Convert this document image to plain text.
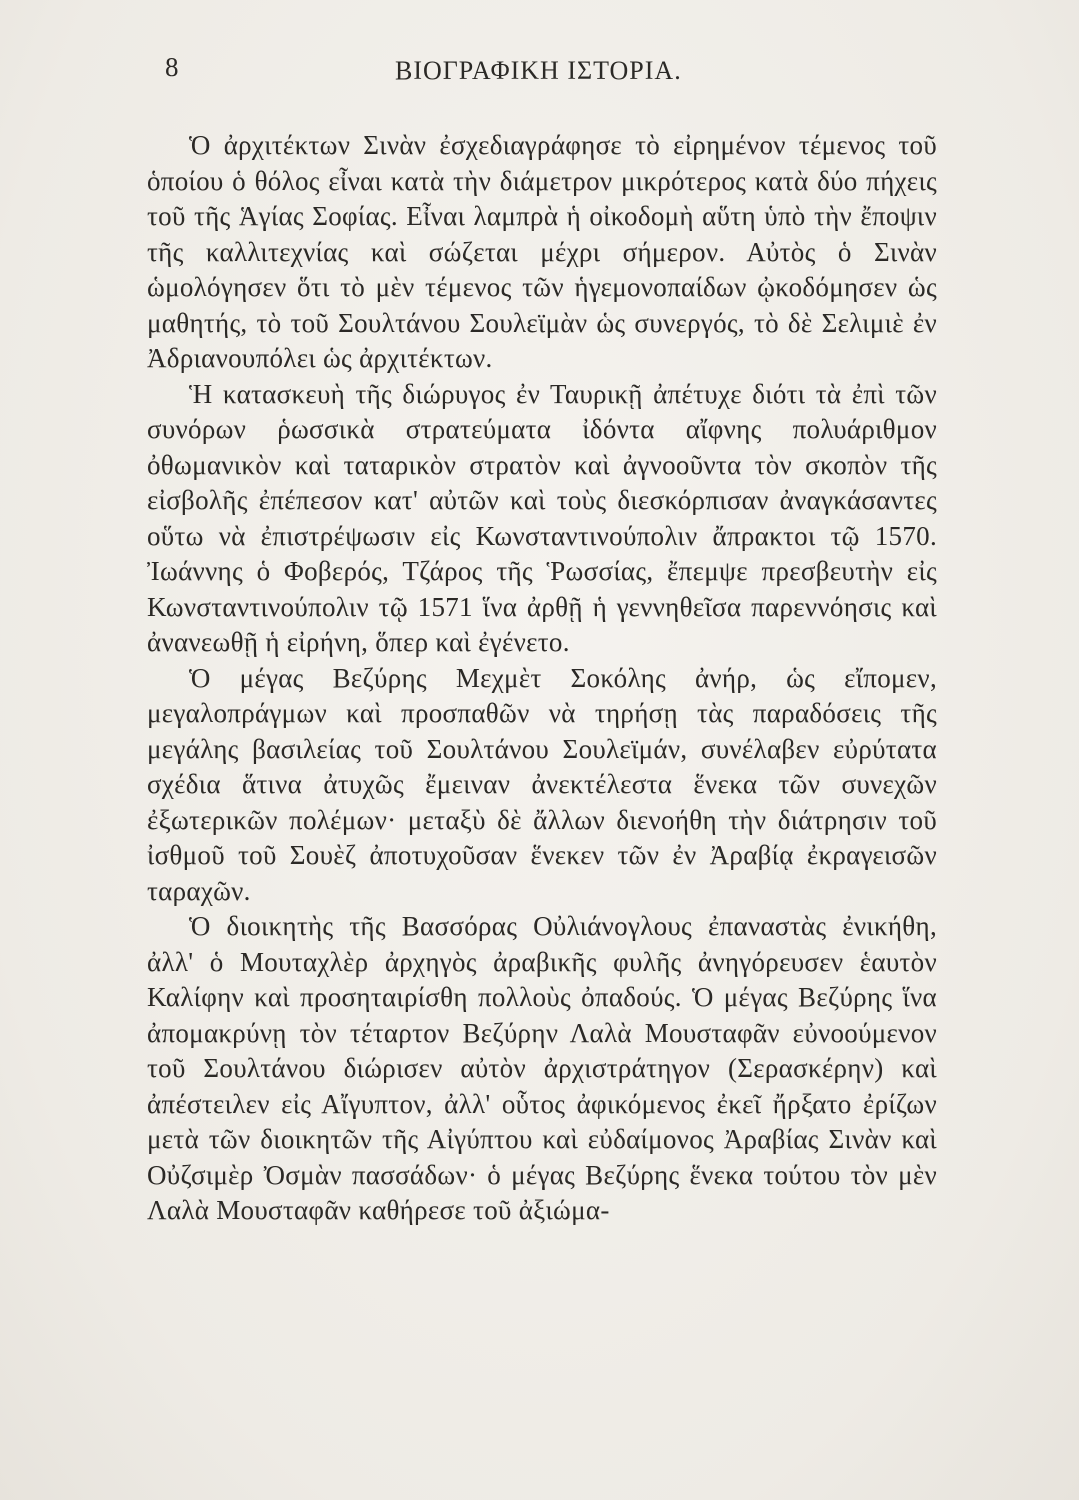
8	ΒΙΟΓΡΑΦΙΚΗ ΙΣΤΟΡΙΑ.

Ὁ ἀρχιτέκτων Σινὰν ἐσχεδιαγράφησε τὸ εἰρημένον τέμενος τοῦ ὁποίου ὁ θόλος εἶναι κατὰ τὴν διάμετρον μικρότερος κατὰ δύο πήχεις τοῦ τῆς Ἁγίας Σοφίας. Εἶναι λαμπρὰ ἡ οἰκοδομὴ αὕτη ὑπὸ τὴν ἔποψιν τῆς καλλιτεχνίας καὶ σώζεται μέχρι σήμερον. Αὐτὸς ὁ Σινὰν ὡμολόγησεν ὅτι τὸ μὲν τέμενος τῶν ἡγεμονοπαίδων ᾠκοδόμησεν ὡς μαθητής, τὸ τοῦ Σουλτάνου Σουλεϊμὰν ὡς συνεργός, τὸ δὲ Σελιμιὲ ἐν Ἀδριανουπόλει ὡς ἀρχιτέκτων.

Ἡ κατασκευὴ τῆς διώρυγος ἐν Ταυρικῇ ἀπέτυχε διότι τὰ ἐπὶ τῶν συνόρων ῥωσσικὰ στρατεύματα ἰδόντα αἴφνης πολυάριθμον ὀθωμανικὸν καὶ ταταρικὸν στρατὸν καὶ ἀγνοοῦντα τὸν σκοπὸν τῆς εἰσβολῆς ἐπέπεσον κατ' αὐτῶν καὶ τοὺς διεσκόρπισαν ἀναγκάσαντες οὕτω νὰ ἐπιστρέψωσιν εἰς Κωνσταντινούπολιν ἄπρακτοι τῷ 1570. Ἰωάννης ὁ Φοβερός, Τζάρος τῆς Ῥωσσίας, ἔπεμψε πρεσβευτὴν εἰς Κωνσταντινούπολιν τῷ 1571 ἵνα ἀρθῇ ἡ γεννηθεῖσα παρεννόησις καὶ ἀνανεωθῇ ἡ εἰρήνη, ὅπερ καὶ ἐγένετο.

Ὁ μέγας Βεζύρης Μεχμὲτ Σοκόλης ἀνήρ, ὡς εἴπομεν, μεγαλοπράγμων καὶ προσπαθῶν νὰ τηρήσῃ τὰς παραδόσεις τῆς μεγάλης βασιλείας τοῦ Σουλτάνου Σουλεϊμάν, συνέλαβεν εὐρύτατα σχέδια ἅτινα ἀτυχῶς ἔμειναν ἀνεκτέλεστα ἕνεκα τῶν συνεχῶν ἐξωτερικῶν πολέμων· μεταξὺ δὲ ἄλλων διενοήθη τὴν διάτρησιν τοῦ ἰσθμοῦ τοῦ Σουὲζ ἀποτυχοῦσαν ἕνεκεν τῶν ἐν Ἀραβίᾳ ἐκραγεισῶν ταραχῶν.

Ὁ διοικητὴς τῆς Βασσόρας Οὐλιάνογλους ἐπαναστὰς ἐνικήθη, ἀλλ' ὁ Μουταχλὲρ ἀρχηγὸς ἀραβικῆς φυλῆς ἀνηγόρευσεν ἑαυτὸν Καλίφην καὶ προσηταιρίσθη πολλοὺς ὀπαδούς. Ὁ μέγας Βεζύρης ἵνα ἀπομακρύνῃ τὸν τέταρτον Βεζύρην Λαλὰ Μουσταφᾶν εὐνοούμενον τοῦ Σουλτάνου διώρισεν αὐτὸν ἀρχιστράτηγον (Σερασκέρην) καὶ ἀπέστειλεν εἰς Αἴγυπτον, ἀλλ' οὗτος ἀφικόμενος ἐκεῖ ἤρξατο ἐρίζων μετὰ τῶν διοικητῶν τῆς Αἰγύπτου καὶ εὐδαίμονος Ἀραβίας Σινὰν καὶ Οὐζσιμὲρ Ὀσμὰν πασσάδων· ὁ μέγας Βεζύρης ἕνεκα τούτου τὸν μὲν Λαλὰ Μουσταφᾶν καθήρεσε τοῦ ἀξιώμα-
